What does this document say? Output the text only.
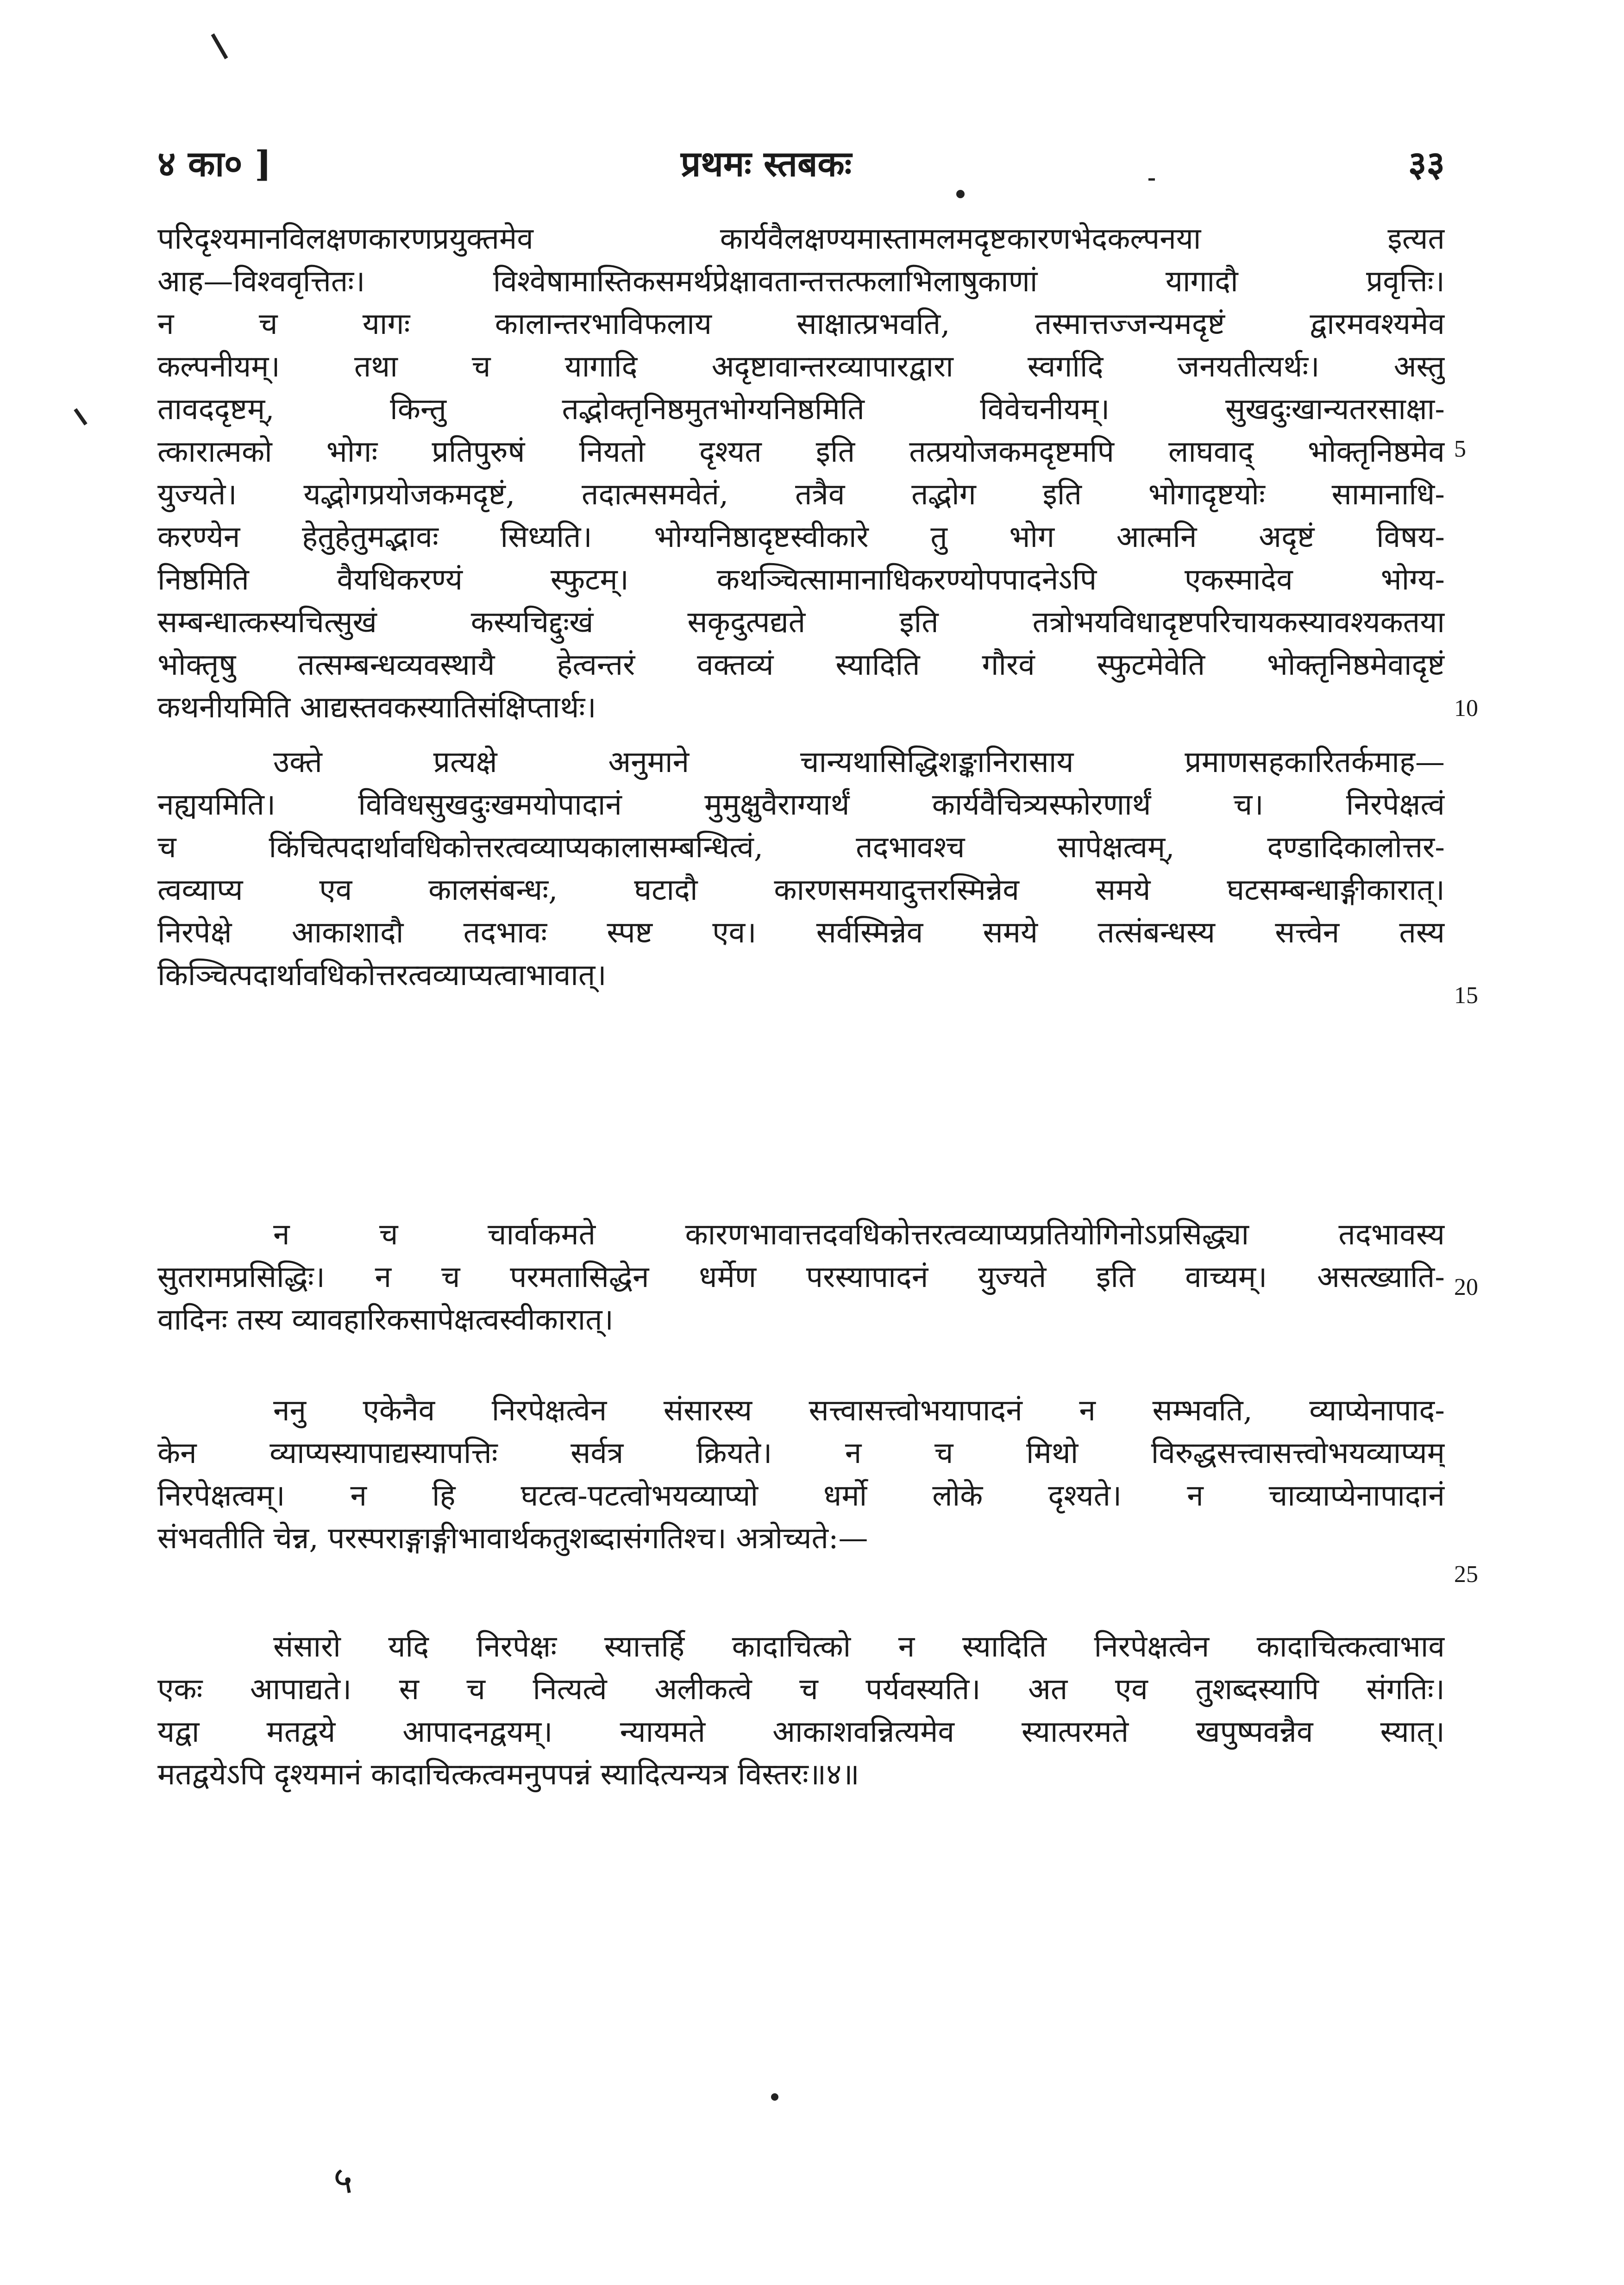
४ का० ]	प्रथमः स्तबकः	३३
परिदृश्यमानविलक्षणकारणप्रयुक्तमेव कार्यवैलक्षण्यमास्तामलमदृष्टकारणभेदकल्पनया इत्यत
आह—विश्ववृत्तितः। विश्वेषामास्तिकसमर्थप्रेक्षावतान्तत्तत्फलाभिलाषुकाणां यागादौ प्रवृत्तिः।
न च यागः कालान्तरभाविफलाय साक्षात्प्रभवति, तस्मात्तज्जन्यमदृष्टं द्वारमवश्यमेव
कल्पनीयम्। तथा च यागादि अदृष्टावान्तरव्यापारद्वारा स्वर्गादि जनयतीत्यर्थः। अस्तु
तावददृष्टम्, किन्तु तद्भोक्तृनिष्ठमुतभोग्यनिष्ठमिति विवेचनीयम्। सुखदुःखान्यतरसाक्षा-
त्कारात्मको भोगः प्रतिपुरुषं नियतो दृश्यत इति तत्प्रयोजकमदृष्टमपि लाघवाद् भोक्तृनिष्ठमेव
युज्यते। यद्भोगप्रयोजकमदृष्टं, तदात्मसमवेतं, तत्रैव तद्भोग इति भोगादृष्टयोः सामानाधि-
करण्येन हेतुहेतुमद्भावः सिध्यति। भोग्यनिष्ठादृष्टस्वीकारे तु भोग आत्मनि अदृष्टं विषय-
निष्ठमिति वैयधिकरण्यं स्फुटम्। कथञ्चित्सामानाधिकरण्योपपादनेऽपि एकस्मादेव भोग्य-
सम्बन्धात्कस्यचित्सुखं कस्यचिद्दुःखं सकृदुत्पद्यते इति तत्रोभयविधादृष्टपरिचायकस्यावश्यकतया
भोक्तृषु तत्सम्बन्धव्यवस्थायै हेत्वन्तरं वक्तव्यं स्यादिति गौरवं स्फुटमेवेति भोक्तृनिष्ठमेवादृष्टं
कथनीयमिति आद्यस्तवकस्यातिसंक्षिप्तार्थः।
उक्ते प्रत्यक्षे अनुमाने चान्यथासिद्धिशङ्कानिरासाय प्रमाणसहकारितर्कमाह—
नह्ययमिति। विविधसुखदुःखमयोपादानं मुमुक्षुवैराग्यार्थं कार्यवैचित्र्यस्फोरणार्थं च। निरपेक्षत्वं
च किंचित्पदार्थावधिकोत्तरत्वव्याप्यकालासम्बन्धित्वं, तदभावश्च सापेक्षत्वम्, दण्डादिकालोत्तर-
त्वव्याप्य एव कालसंबन्धः, घटादौ कारणसमयादुत्तरस्मिन्नेव समये घटसम्बन्धाङ्गीकारात्।
निरपेक्षे आकाशादौ तदभावः स्पष्ट एव। सर्वस्मिन्नेव समये तत्संबन्धस्य सत्त्वेन तस्य
किञ्चित्पदार्थावधिकोत्तरत्वव्याप्यत्वाभावात्।
न च चार्वाकमते कारणभावात्तदवधिकोत्तरत्वव्याप्यप्रतियोगिनोऽप्रसिद्ध्या तदभावस्य
सुतरामप्रसिद्धिः। न च परमतासिद्धेन धर्मेण परस्यापादनं युज्यते इति वाच्यम्। असत्ख्याति-
वादिनः तस्य व्यावहारिकसापेक्षत्वस्वीकारात्।
ननु एकेनैव निरपेक्षत्वेन संसारस्य सत्त्वासत्त्वोभयापादनं न सम्भवति, व्याप्येनापाद-
केन व्याप्यस्यापाद्यस्यापत्तिः सर्वत्र क्रियते। न च मिथो विरुद्धसत्त्वासत्त्वोभयव्याप्यम्
निरपेक्षत्वम्। न हि घटत्व-पटत्वोभयव्याप्यो धर्मो लोके दृश्यते। न चाव्याप्येनापादानं
संभवतीति चेन्न, परस्पराङ्गाङ्गीभावार्थकतुशब्दासंगतिश्च। अत्रोच्यते:—
संसारो यदि निरपेक्षः स्यात्तर्हि कादाचित्को न स्यादिति निरपेक्षत्वेन कादाचित्कत्वाभाव
एकः आपाद्यते। स च नित्यत्वे अलीकत्वे च पर्यवस्यति। अत एव तुशब्दस्यापि संगतिः।
यद्वा मतद्वये आपादनद्वयम्। न्यायमते आकाशवन्नित्यमेव स्यात्परमते खपुष्पवन्नैव स्यात्।
मतद्वयेऽपि दृश्यमानं कादाचित्कत्वमनुपपन्नं स्यादित्यन्यत्र विस्तरः॥४॥
5
10
15
20
25
५
